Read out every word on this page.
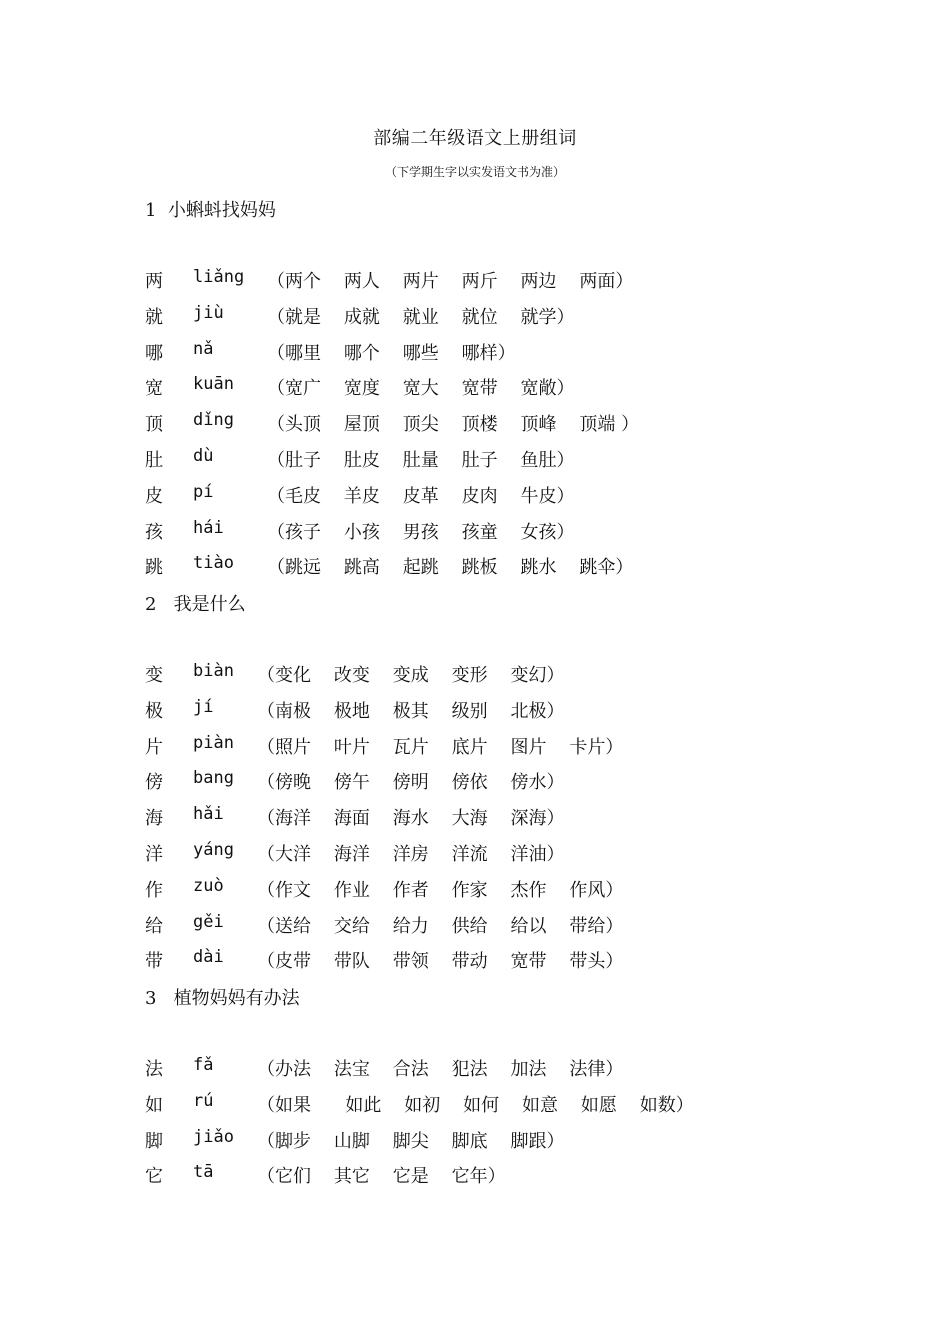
部编二年级语文上册组词
（下学期生字以实发语文书为准）
1  小蝌蚪找妈妈
两 liǎng （两个    两人    两片    两斤    两边    两面）
就 jiù （就是    成就    就业    就位    就学）
哪 nǎ	（哪里    哪个    哪些    哪样）
宽 kuān （宽广    宽度    宽大    宽带    宽敞）
顶 dǐng （头顶    屋顶    顶尖    顶楼    顶峰    顶端 ）
肚 dù	（肚子    肚皮    肚量    肚子    鱼肚）
皮 pí	（毛皮    羊皮    皮革    皮肉    牛皮）
孩 hái （孩子    小孩    男孩    孩童    女孩）
跳 tiào （跳远    跳高    起跳    跳板    跳水    跳伞）
2   我是什么
变 biàn （变化    改变    变成    变形    变幻）
极 jí （南极    极地    极其    级别    北极）
片 piàn （照片    叶片    瓦片    底片    图片    卡片）
傍 bang （傍晚    傍午    傍明    傍依    傍水）
海 hǎi （海洋    海面    海水    大海    深海）
洋 yáng （大洋    海洋    洋房    洋流    洋油）
作 zuò （作文    作业    作者    作家    杰作    作风）
给 gěi （送给    交给    给力    供给    给以    带给）
带 dài （皮带    带队    带领    带动    宽带    带头）
3   植物妈妈有办法
法 fǎ （办法    法宝    合法    犯法    加法    法律）
如 rú （如果      如此    如初    如何    如意    如愿    如数）
脚 jiǎo （脚步    山脚    脚尖    脚底    脚跟）
它 tā （它们    其它    它是    它年）
